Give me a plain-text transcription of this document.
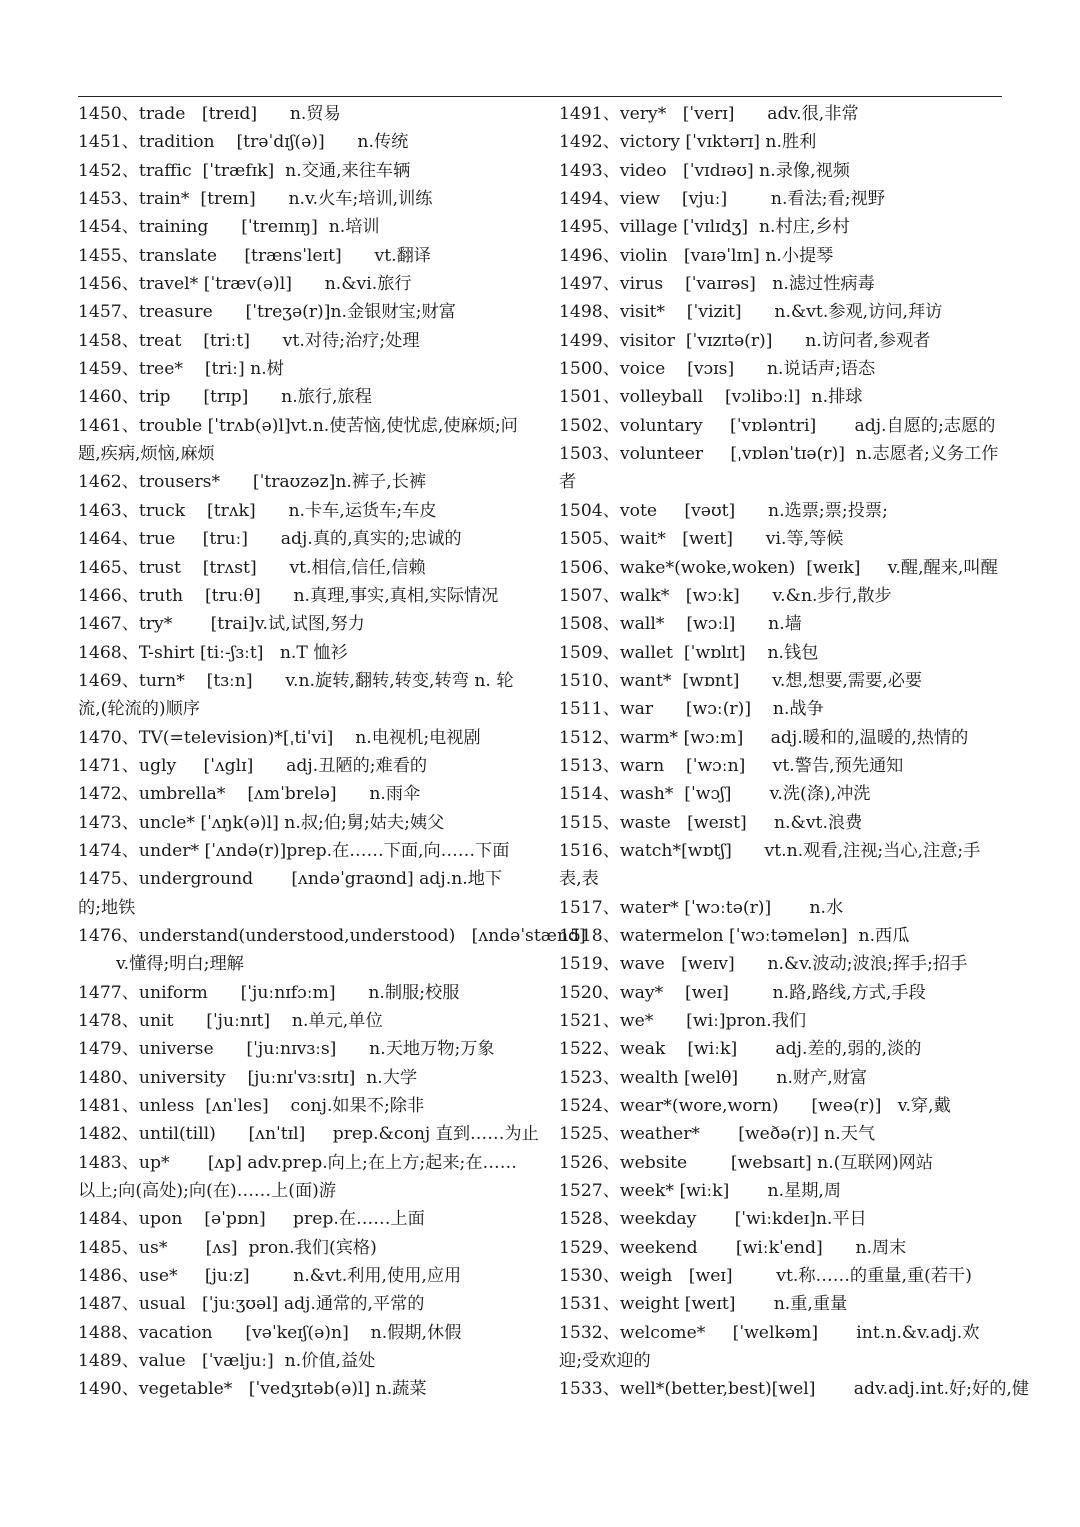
1450、trade   [treɪd]      n.贸易
1451、tradition    [trəˈdɪʃ(ə)]      n.传统
1452、traffic  [ˈtræfɪk]  n.交通,来往车辆
1453、train*  [treɪn]      n.v.火车;培训,训练
1454、training      [ˈtreɪnɪŋ]  n.培训
1455、translate     [trænsˈleɪt]      vt.翻译
1456、travel* [ˈtræv(ə)l]      n.&vi.旅行
1457、treasure      [ˈtreʒə(r)]n.金银财宝;财富
1458、treat    [triːt]      vt.对待;治疗;处理
1459、tree*    [triː] n.树
1460、trip      [trɪp]      n.旅行,旅程
1461、trouble [ˈtrʌb(ə)l]vt.n.使苦恼,使忧虑,使麻烦;问题,疾病,烦恼,麻烦
1462、trousers*      [ˈtraʊzəz]n.裤子,长裤
1463、truck    [trʌk]      n.卡车,运货车;车皮
1464、true     [truː]      adj.真的,真实的;忠诚的
1465、trust    [trʌst]      vt.相信,信任,信赖
1466、truth    [truːθ]      n.真理,事实,真相,实际情况
1467、try*       [trai]v.试,试图,努力
1468、T-shirt [tiː-ʃɜːt]   n.T 恤衫
1469、turn*    [tɜːn]      v.n.旋转,翻转,转变,转弯 n. 轮流,(轮流的)顺序
1470、TV(=television)*[ˌtiˈvi]    n.电视机;电视剧
1471、ugly     [ˈʌglɪ]      adj.丑陋的;难看的
1472、umbrella*    [ʌmˈbrelə]      n.雨伞
1473、uncle* [ˈʌŋk(ə)l] n.叔;伯;舅;姑夫;姨父
1474、under* [ˈʌndə(r)]prep.在……下面,向……下面
1475、underground       [ʌndəˈgraʊnd] adj.n.地下的;地铁
1476、understand(understood,understood)   [ʌndəˈstænd]
v.懂得;明白;理解
1477、uniform      [ˈjuːnɪfɔːm]      n.制服;校服
1478、unit      [ˈjuːnɪt]    n.单元,单位
1479、universe      [ˈjuːnɪvɜːs]      n.天地万物;万象
1480、university    [juːnɪˈvɜːsɪtɪ]  n.大学
1481、unless  [ʌnˈles]    conj.如果不;除非
1482、until(till)      [ʌnˈtɪl]     prep.&conj 直到……为止
1483、up*       [ʌp] adv.prep.向上;在上方;起来;在……以上;向(高处);向(在)……上(面)游
1484、upon    [əˈpɒn]     prep.在……上面
1485、us*       [ʌs]  pron.我们(宾格)
1486、use*     [juːz]        n.&vt.利用,使用,应用
1487、usual   [ˈjuːʒʊəl] adj.通常的,平常的
1488、vacation      [vəˈkeɪʃ(ə)n]    n.假期,休假
1489、value   [ˈvæljuː]  n.价值,益处
1490、vegetable*   [ˈvedʒɪtəb(ə)l] n.蔬菜
1491、very*   [ˈverɪ]      adv.很,非常
1492、victory [ˈvɪktərɪ] n.胜利
1493、video   [ˈvɪdɪəʊ] n.录像,视频
1494、view    [vjuː]        n.看法;看;视野
1495、village [ˈvɪlɪdʒ]  n.村庄,乡村
1496、violin   [vaɪəˈlɪn] n.小提琴
1497、virus    [ˈvaɪrəs]   n.滤过性病毒
1498、visit*    [ˈvizit]      n.&vt.参观,访问,拜访
1499、visitor  [ˈvɪzɪtə(r)]      n.访问者,参观者
1500、voice    [vɔɪs]      n.说话声;语态
1501、volleyball    [vɔlibɔːl]  n.排球
1502、voluntary     [ˈvɒləntri]       adj.自愿的;志愿的
1503、volunteer     [ˌvɒlənˈtɪə(r)]  n.志愿者;义务工作者
1504、vote     [vəʊt]      n.选票;票;投票;
1505、wait*   [weɪt]      vi.等,等候
1506、wake*(woke,woken)  [weɪk]     v.醒,醒来,叫醒
1507、walk*   [wɔːk]      v.&n.步行,散步
1508、wall*    [wɔːl]      n.墙
1509、wallet  [ˈwɒlɪt]    n.钱包
1510、want*  [wɒnt]      v.想,想要,需要,必要
1511、war      [wɔː(r)]    n.战争
1512、warm* [wɔːm]     adj.暖和的,温暖的,热情的
1513、warn    [ˈwɔːn]     vt.警告,预先通知
1514、wash*  [ˈwɔʃ]       v.洗(涤),冲洗
1515、waste   [weɪst]     n.&vt.浪费
1516、watch*[wɒtʃ]      vt.n.观看,注视;当心,注意;手表,表
1517、water* [ˈwɔːtə(r)]       n.水
1518、watermelon [ˈwɔːtəmelən]  n.西瓜
1519、wave   [weɪv]      n.&v.波动;波浪;挥手;招手
1520、way*    [weɪ]        n.路,路线,方式,手段
1521、we*      [wiː]pron.我们
1522、weak    [wiːk]       adj.差的,弱的,淡的
1523、wealth [welθ]       n.财产,财富
1524、wear*(wore,worn)      [weə(r)]   v.穿,戴
1525、weather*       [weðə(r)] n.天气
1526、website        [websaɪt] n.(互联网)网站
1527、week* [wiːk]       n.星期,周
1528、weekday       [ˈwiːkdeɪ]n.平日
1529、weekend       [wiːkˈend]      n.周末
1530、weigh   [weɪ]        vt.称……的重量,重(若干)
1531、weight [weɪt]       n.重,重量
1532、welcome*     [ˈwelkəm]       int.n.&v.adj.欢迎;受欢迎的
1533、well*(better,best)[wel]       adv.adj.int.好;好的,健
